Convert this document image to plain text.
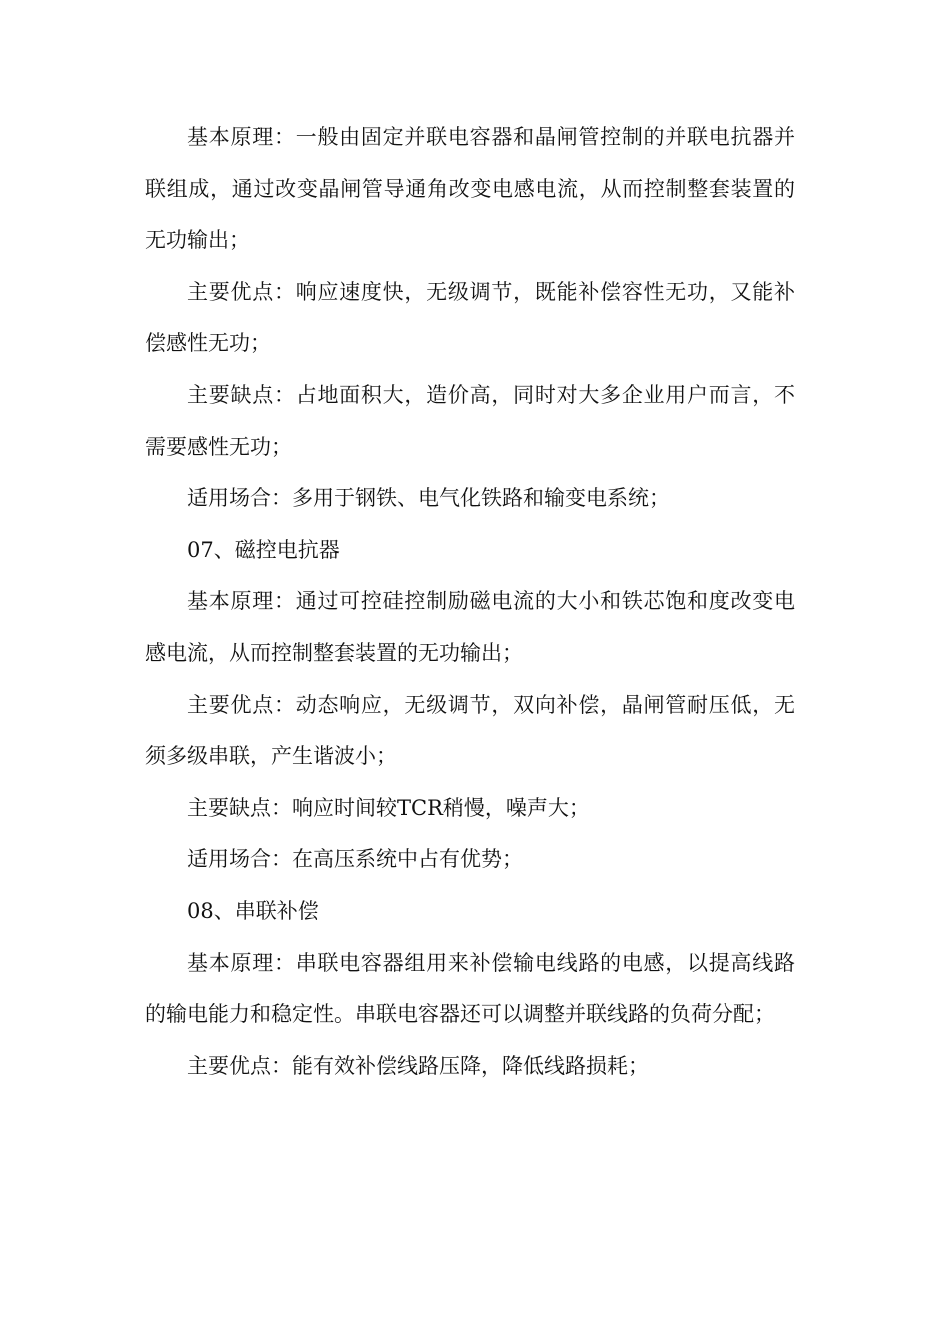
基本原理：一般由固定并联电容器和晶闸管控制的并联电抗器并联组成，通过改变晶闸管导通角改变电感电流，从而控制整套装置的无功输出；

主要优点：响应速度快，无级调节，既能补偿容性无功，又能补偿感性无功；

主要缺点：占地面积大，造价高，同时对大多企业用户而言，不需要感性无功；

适用场合：多用于钢铁、电气化铁路和输变电系统；

07、磁控电抗器

基本原理：通过可控硅控制励磁电流的大小和铁芯饱和度改变电感电流，从而控制整套装置的无功输出；

主要优点：动态响应，无级调节，双向补偿，晶闸管耐压低，无须多级串联，产生谐波小；

主要缺点：响应时间较TCR稍慢，噪声大；

适用场合：在高压系统中占有优势；

08、串联补偿

基本原理：串联电容器组用来补偿输电线路的电感，以提高线路的输电能力和稳定性。串联电容器还可以调整并联线路的负荷分配；

主要优点：能有效补偿线路压降，降低线路损耗；
